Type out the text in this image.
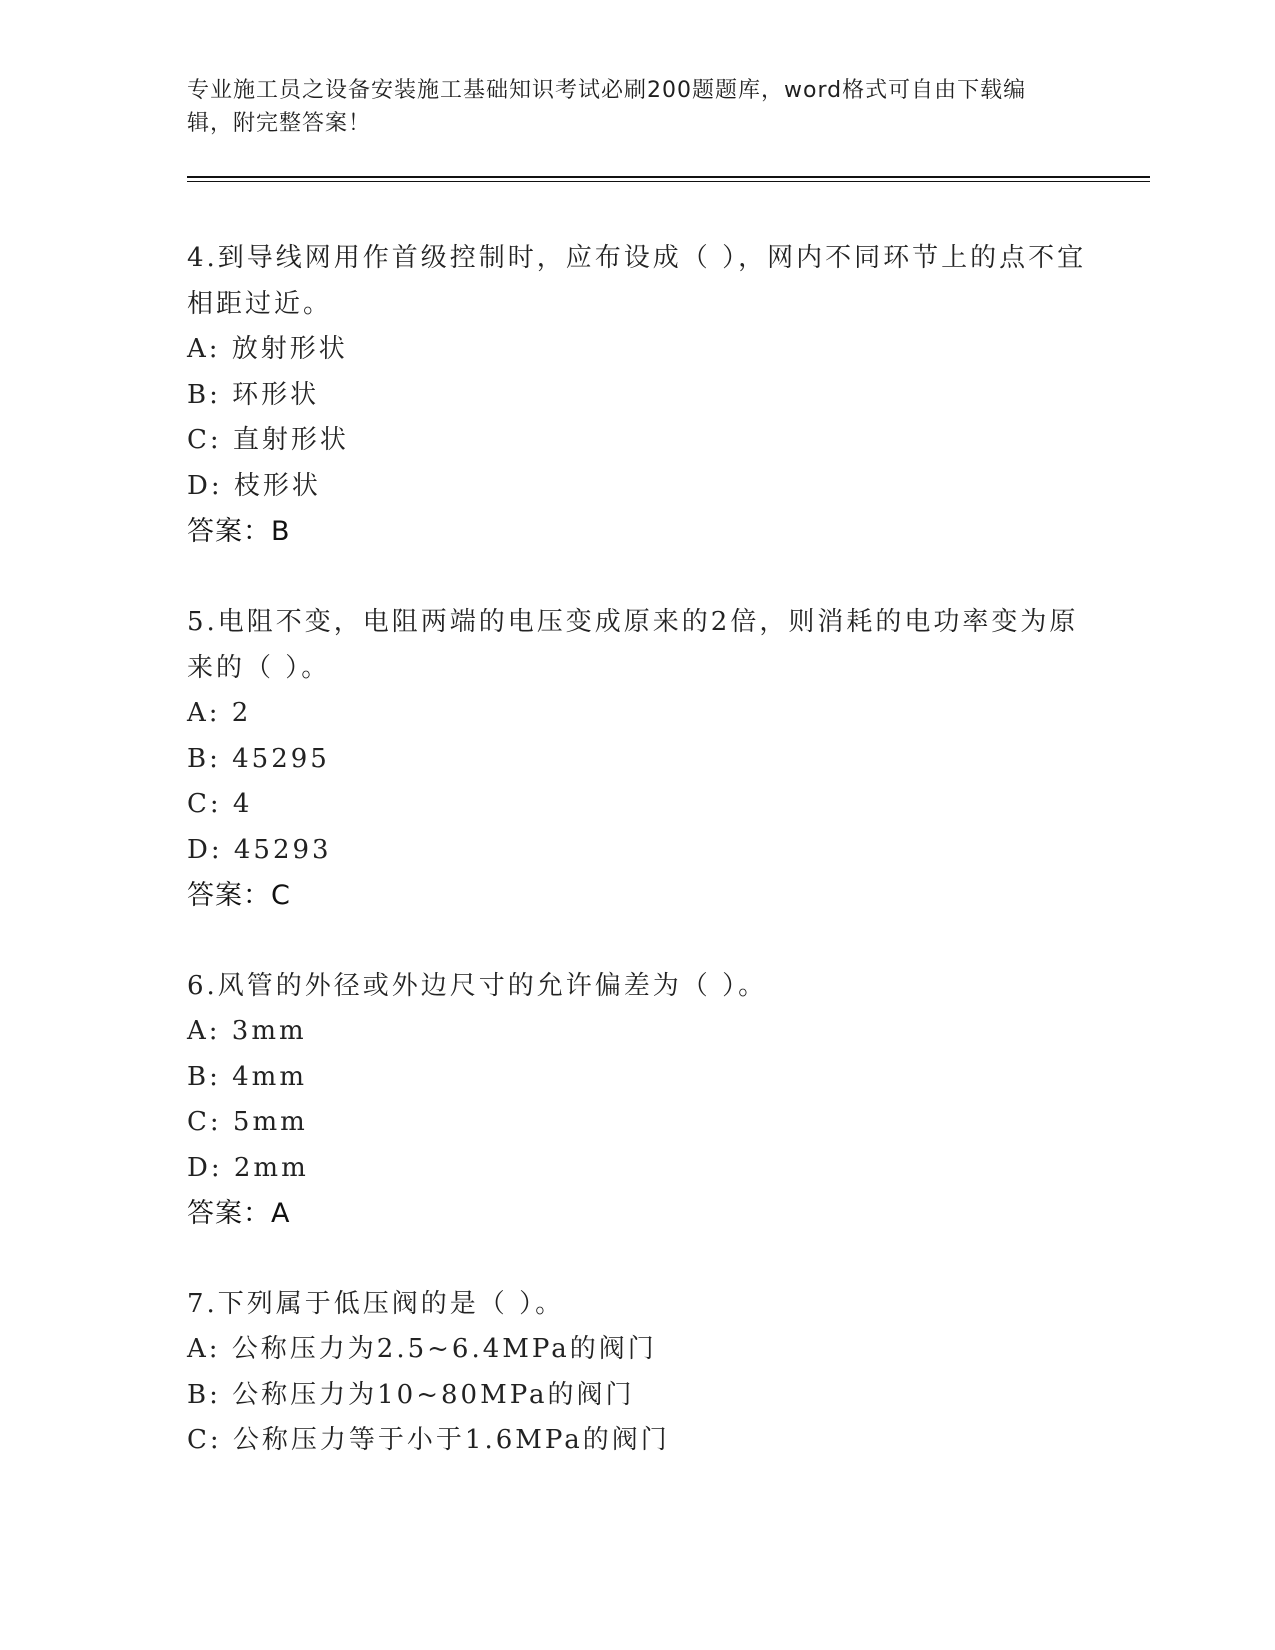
专业施工员之设备安装施工基础知识考试必刷200题题库，word格式可自由下载编辑，附完整答案！
4.到导线网用作首级控制时，应布设成（ ），网内不同环节上的点不宜相距过近。
A: 放射形状
B: 环形状
C: 直射形状
D: 枝形状
答案：B
5.电阻不变，电阻两端的电压变成原来的2倍，则消耗的电功率变为原来的（ ）。
A: 2
B: 45295
C: 4
D: 45293
答案：C
6.风管的外径或外边尺寸的允许偏差为（ ）。
A: 3mm
B: 4mm
C: 5mm
D: 2mm
答案：A
7.下列属于低压阀的是（ ）。
A: 公称压力为2.5~6.4MPa的阀门
B: 公称压力为10~80MPa的阀门
C: 公称压力等于小于1.6MPa的阀门
